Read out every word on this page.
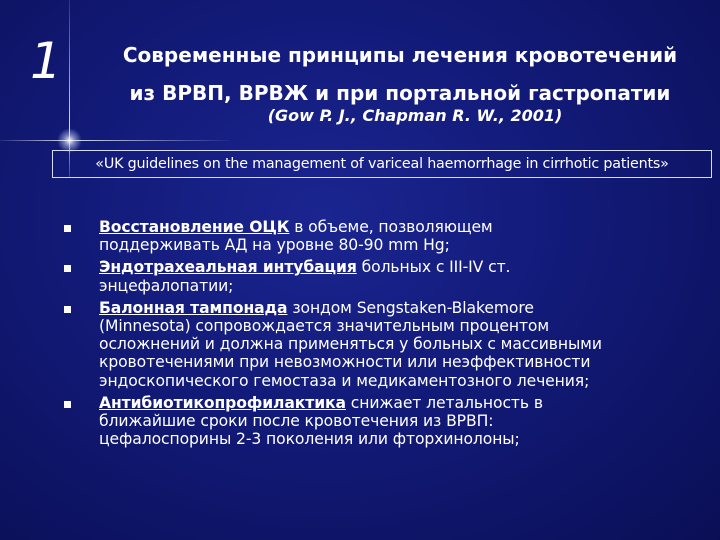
1	Современные принципы лечения кровотечений
из ВРВП, ВРВЖ и при портальной гастропатии
(Gow P. J., Chapman R. W., 2001)
«UK guidelines on the management of variceal haemorrhage in cirrhotic patients»
Восстановление ОЦК в объеме, позволяющем
поддерживать АД на уровне 80-90 mm Hg;
Эндотрахеальная интубация больных с III-IV ст.
энцефалопатии;
Балонная тампонада зондом Sengstaken-Blakemore
(Minnesota) сопровождается значительным процентом
осложнений и должна применяться у больных с массивными
кровотечениями при невозможности или неэффективности
эндоскопического гемостаза и медикаментозного лечения;
Антибиотикопрофилактика снижает летальность в
ближайшие сроки после кровотечения из ВРВП:
цефалоспорины 2-3 поколения или фторхинолоны;
